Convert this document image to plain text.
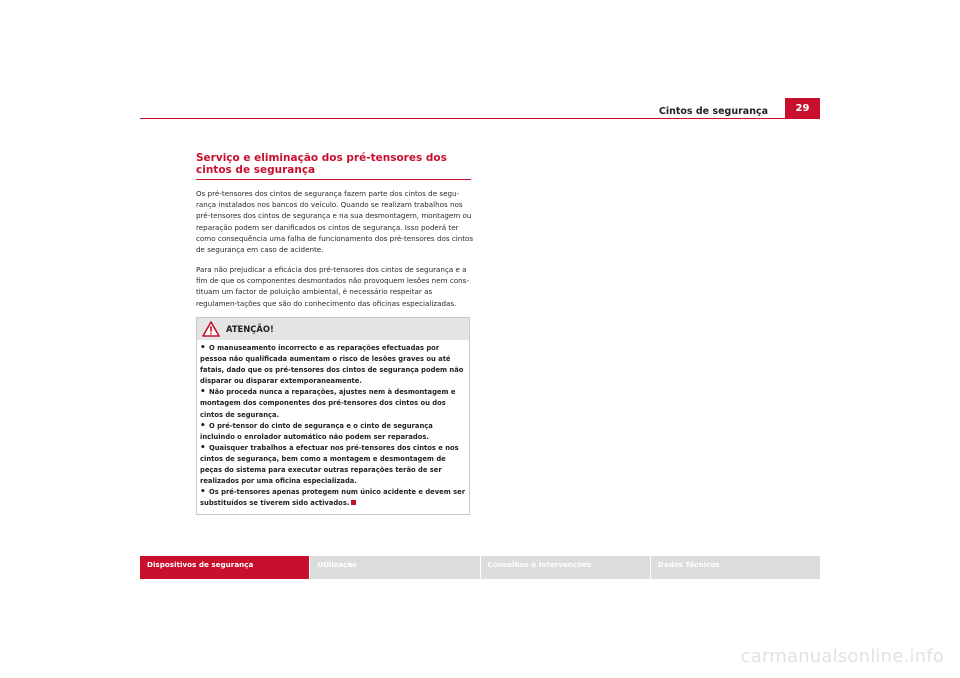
Cintos de segurança	29
Serviço e eliminação dos pré-tensores dos cintos de segurança

Os pré-tensores dos cintos de segurança fazem parte dos cintos de segu-rança instalados nos bancos do veículo. Quando se realizam trabalhos nos pré-tensores dos cintos de segurança e na sua desmontagem, montagem ou reparação podem ser danificados os cintos de segurança. Isso poderá ter como consequência uma falha de funcionamento dos pré-tensores dos cintos de segurança em caso de acidente.

Para não prejudicar a eficácia dos pré-tensores dos cintos de segurança e a fim de que os componentes desmontados não provoquem lesões nem cons-tituam um factor de poluição ambiental, é necessário respeitar as regulamen-tações que são do conhecimento das oficinas especializadas.

ATENÇÃO!
• O manuseamento incorrecto e as reparações efectuadas por pessoa não qualificada aumentam o risco de lesões graves ou até fatais, dado que os pré-tensores dos cintos de segurança podem não disparar ou disparar extemporaneamente.
• Não proceda nunca a reparações, ajustes nem à desmontagem e montagem dos componentes dos pré-tensores dos cintos ou dos cintos de segurança.
• O pré-tensor do cinto de segurança e o cinto de segurança incluindo o enrolador automático não podem ser reparados.
• Quaisquer trabalhos a efectuar nos pré-tensores dos cintos e nos cintos de segurança, bem como a montagem e desmontagem de peças do sistema para executar outras reparações terão de ser realizados por uma oficina especializada.
• Os pré-tensores apenas protegem num único acidente e devem ser substituídos se tiverem sido activados.
Dispositivos de segurança	Utilização	Conselhos e Intervenções	Dados Técnicos
carmanualsonline.info
